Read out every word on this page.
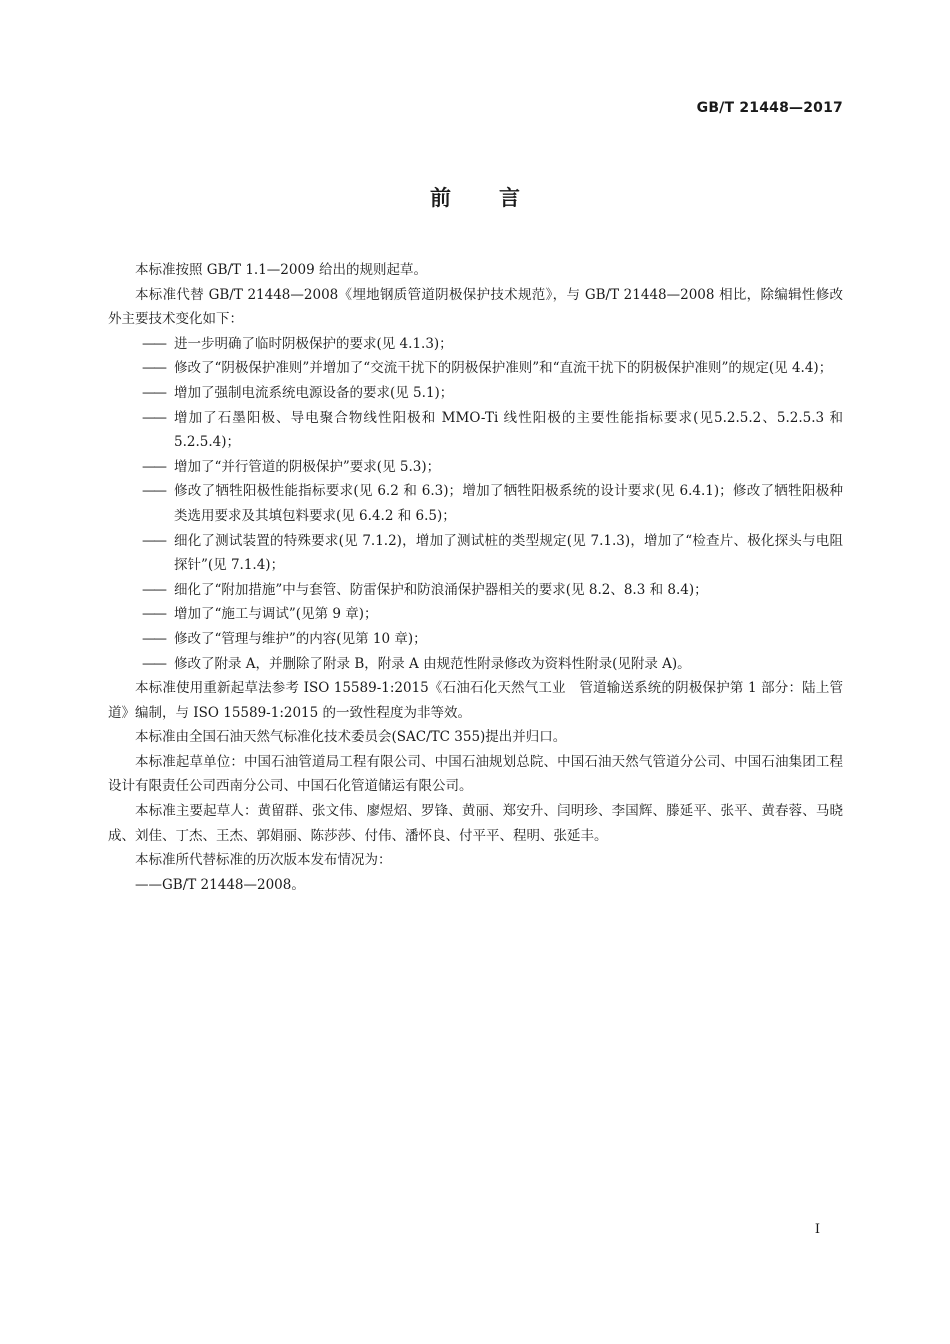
GB/T 21448—2017
前言

本标准按照 GB/T 1.1—2009 给出的规则起草。

本标准代替 GB/T 21448—2008《埋地钢质管道阴极保护技术规范》，与 GB/T 21448—2008 相比，除编辑性修改外主要技术变化如下：

—— 进一步明确了临时阴极保护的要求(见 4.1.3)；

—— 修改了“阴极保护准则”并增加了“交流干扰下的阴极保护准则”和“直流干扰下的阴极保护准则”的规定(见 4.4)；

—— 增加了强制电流系统电源设备的要求(见 5.1)；

—— 增加了石墨阳极、导电聚合物线性阳极和 MMO-Ti 线性阳极的主要性能指标要求(见5.2.5.2、5.2.5.3 和 5.2.5.4)；

—— 增加了“并行管道的阴极保护”要求(见 5.3)；

—— 修改了牺牲阳极性能指标要求(见 6.2 和 6.3)；增加了牺牲阳极系统的设计要求(见 6.4.1)；修改了牺牲阳极种类选用要求及其填包料要求(见 6.4.2 和 6.5)；

—— 细化了测试装置的特殊要求(见 7.1.2)，增加了测试桩的类型规定(见 7.1.3)，增加了“检查片、极化探头与电阻探针”(见 7.1.4)；

—— 细化了“附加措施”中与套管、防雷保护和防浪涌保护器相关的要求(见 8.2、8.3 和 8.4)；

—— 增加了“施工与调试”(见第 9 章)；

—— 修改了“管理与维护”的内容(见第 10 章)；

—— 修改了附录 A，并删除了附录 B，附录 A 由规范性附录修改为资料性附录(见附录 A)。

本标准使用重新起草法参考 ISO 15589-1:2015《石油石化天然气工业　管道输送系统的阴极保护第 1 部分：陆上管道》编制，与 ISO 15589-1:2015 的一致性程度为非等效。

本标准由全国石油天然气标准化技术委员会(SAC/TC 355)提出并归口。

本标准起草单位：中国石油管道局工程有限公司、中国石油规划总院、中国石油天然气管道分公司、中国石油集团工程设计有限责任公司西南分公司、中国石化管道储运有限公司。

本标准主要起草人：黄留群、张文伟、廖煜炤、罗锋、黄丽、郑安升、闫明珍、李国辉、滕延平、张平、黄春蓉、马晓成、刘佳、丁杰、王杰、郭娟丽、陈莎莎、付伟、潘怀良、付平平、程明、张延丰。

本标准所代替标准的历次版本发布情况为：

——GB/T 21448—2008。

I
